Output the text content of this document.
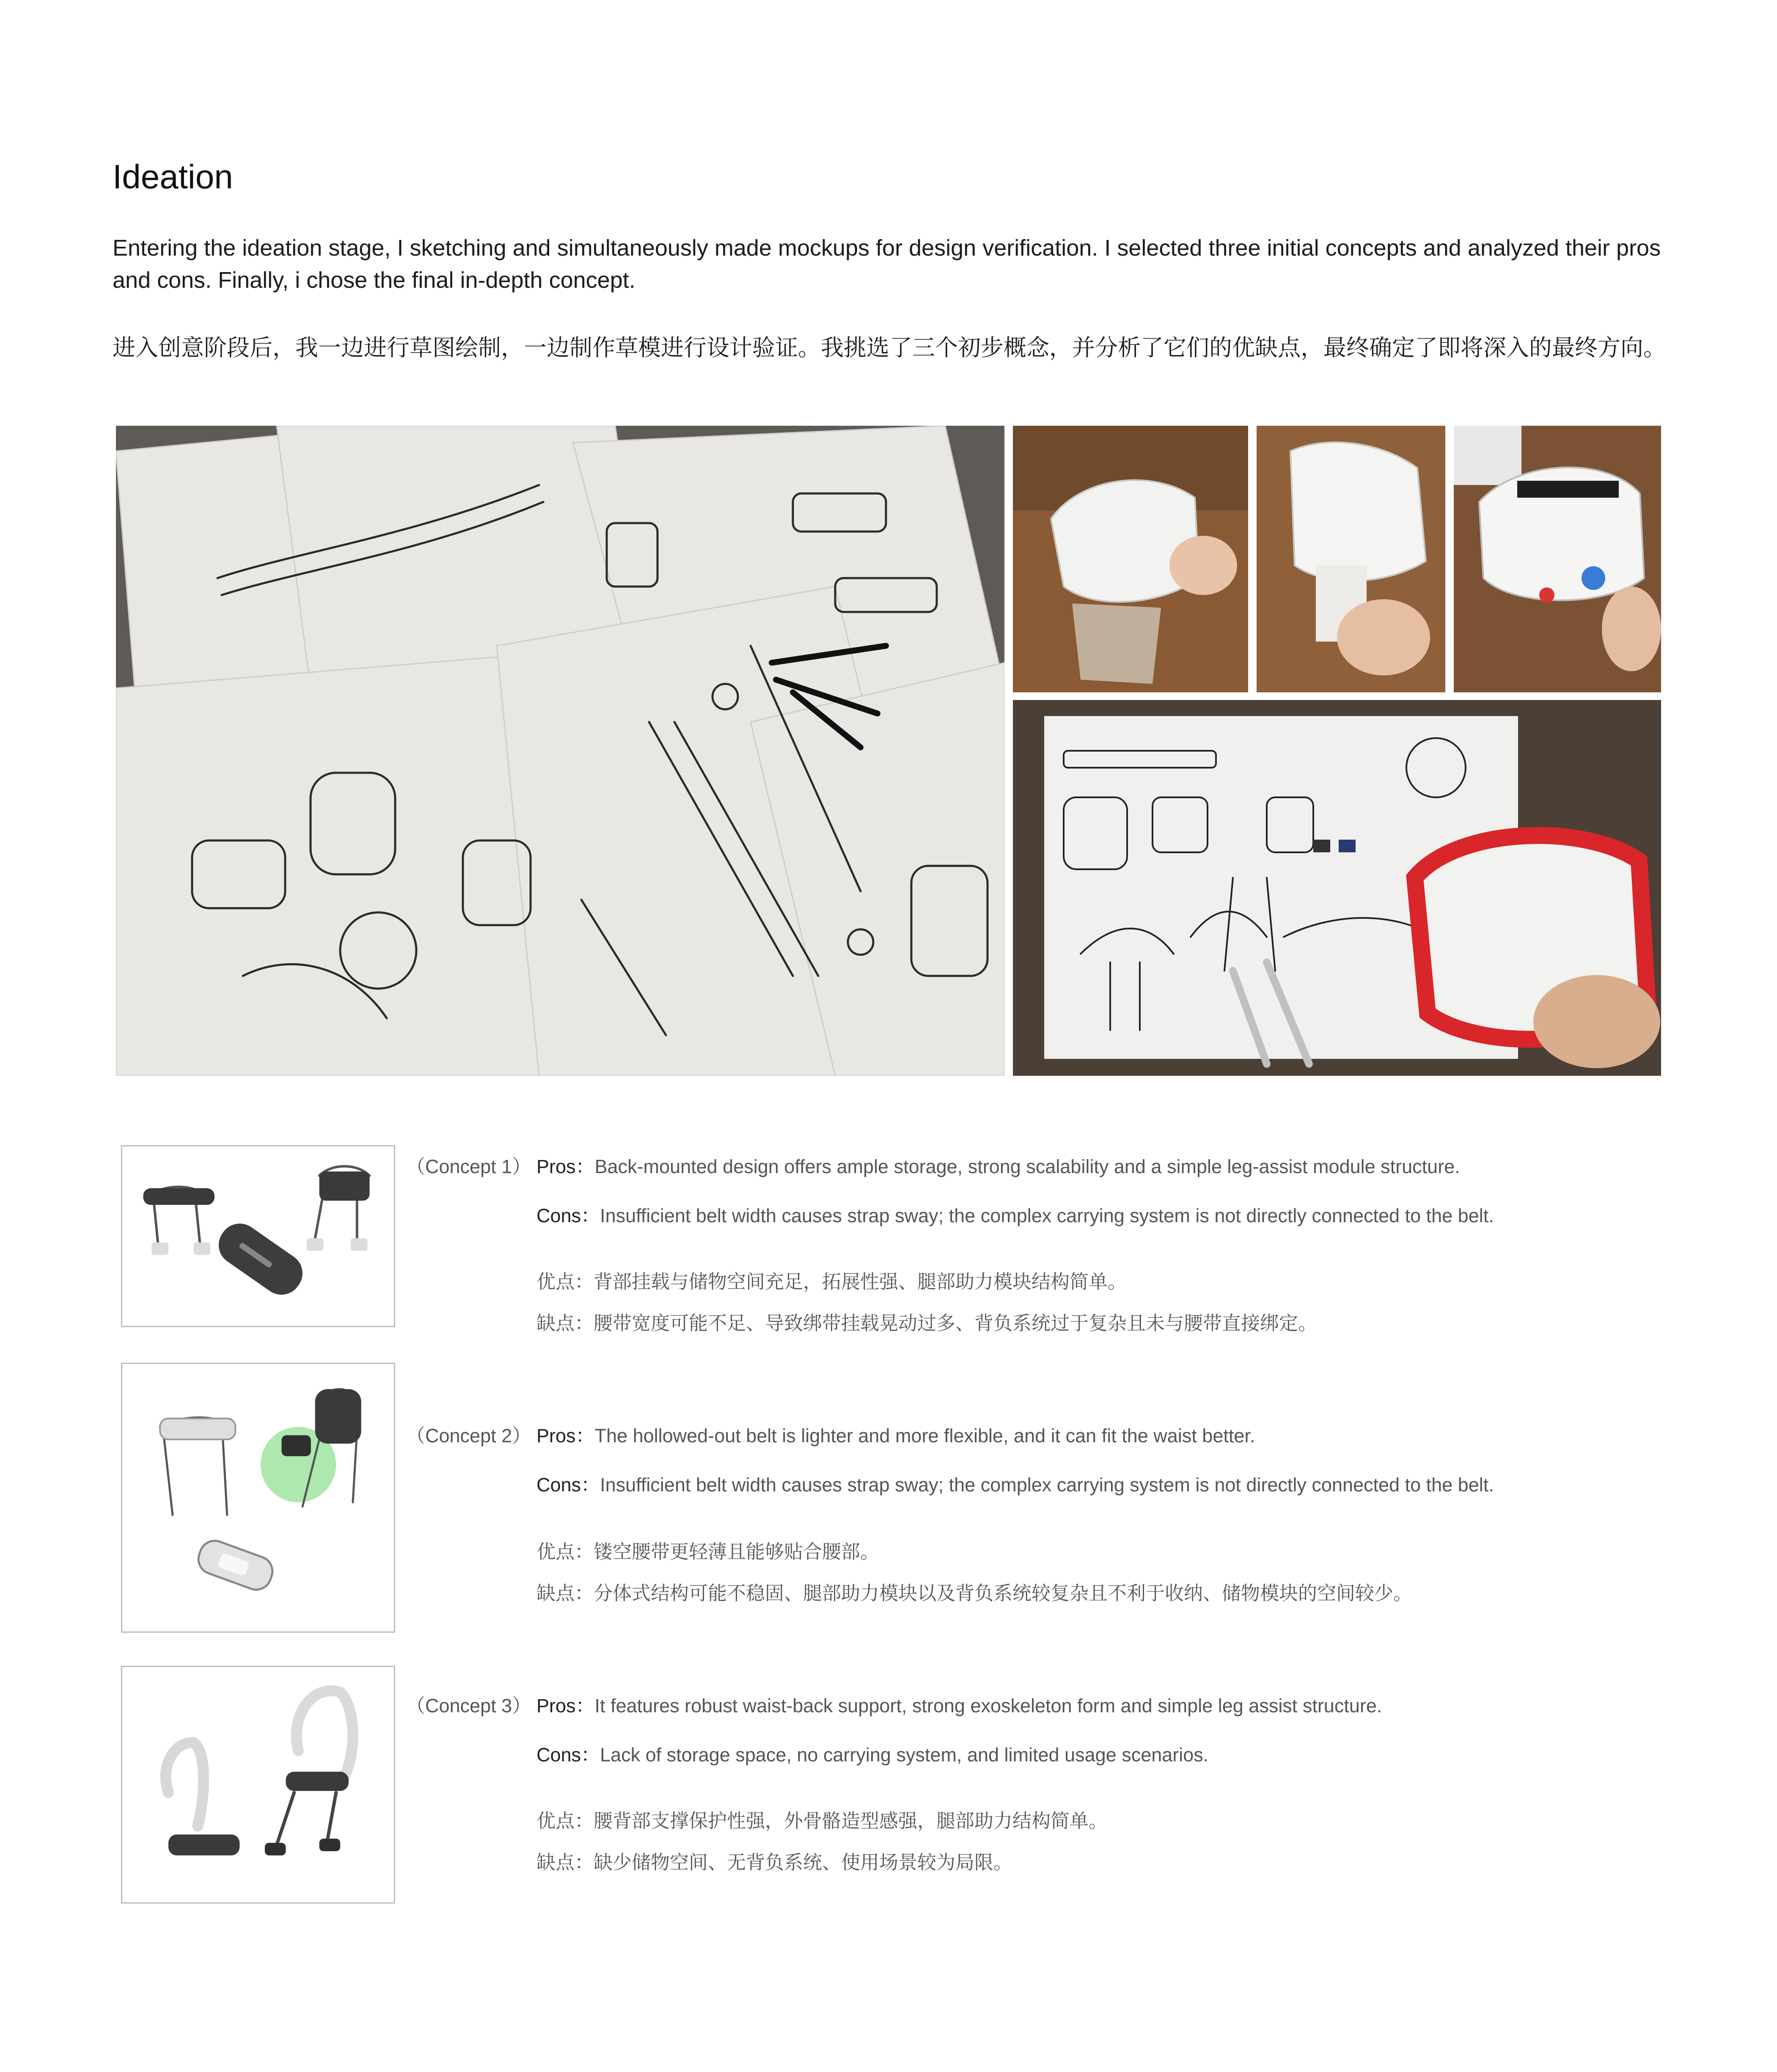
Ideation

Entering the ideation stage, I sketching and simultaneously made mockups for design verification. I selected three initial concepts and analyzed their pros and cons. Finally, i chose the final in-depth concept.

进入创意阶段后，我一边进行草图绘制，一边制作草模进行设计验证。我挑选了三个初步概念，并分析了它们的优缺点，最终确定了即将深入的最终方向。

（Concept 1） Pros：Back-mounted design offers ample storage, strong scalability and a simple leg-assist module structure.
Cons：Insufficient belt width causes strap sway; the complex carrying system is not directly connected to the belt.
优点：背部挂载与储物空间充足，拓展性强、腿部助力模块结构简单。
缺点：腰带宽度可能不足、导致绑带挂载晃动过多、背负系统过于复杂且未与腰带直接绑定。
（Concept 2） Pros：The hollowed-out belt is lighter and more flexible, and it can fit the waist better.
Cons：Insufficient belt width causes strap sway; the complex carrying system is not directly connected to the belt.
优点：镂空腰带更轻薄且能够贴合腰部。
缺点：分体式结构可能不稳固、腿部助力模块以及背负系统较复杂且不利于收纳、储物模块的空间较少。
（Concept 3） Pros：It features robust waist-back support, strong exoskeleton form and simple leg assist structure.
Cons：Lack of storage space, no carrying system, and limited usage scenarios.
优点：腰背部支撑保护性强，外骨骼造型感强，腿部助力结构简单。
缺点：缺少储物空间、无背负系统、使用场景较为局限。
